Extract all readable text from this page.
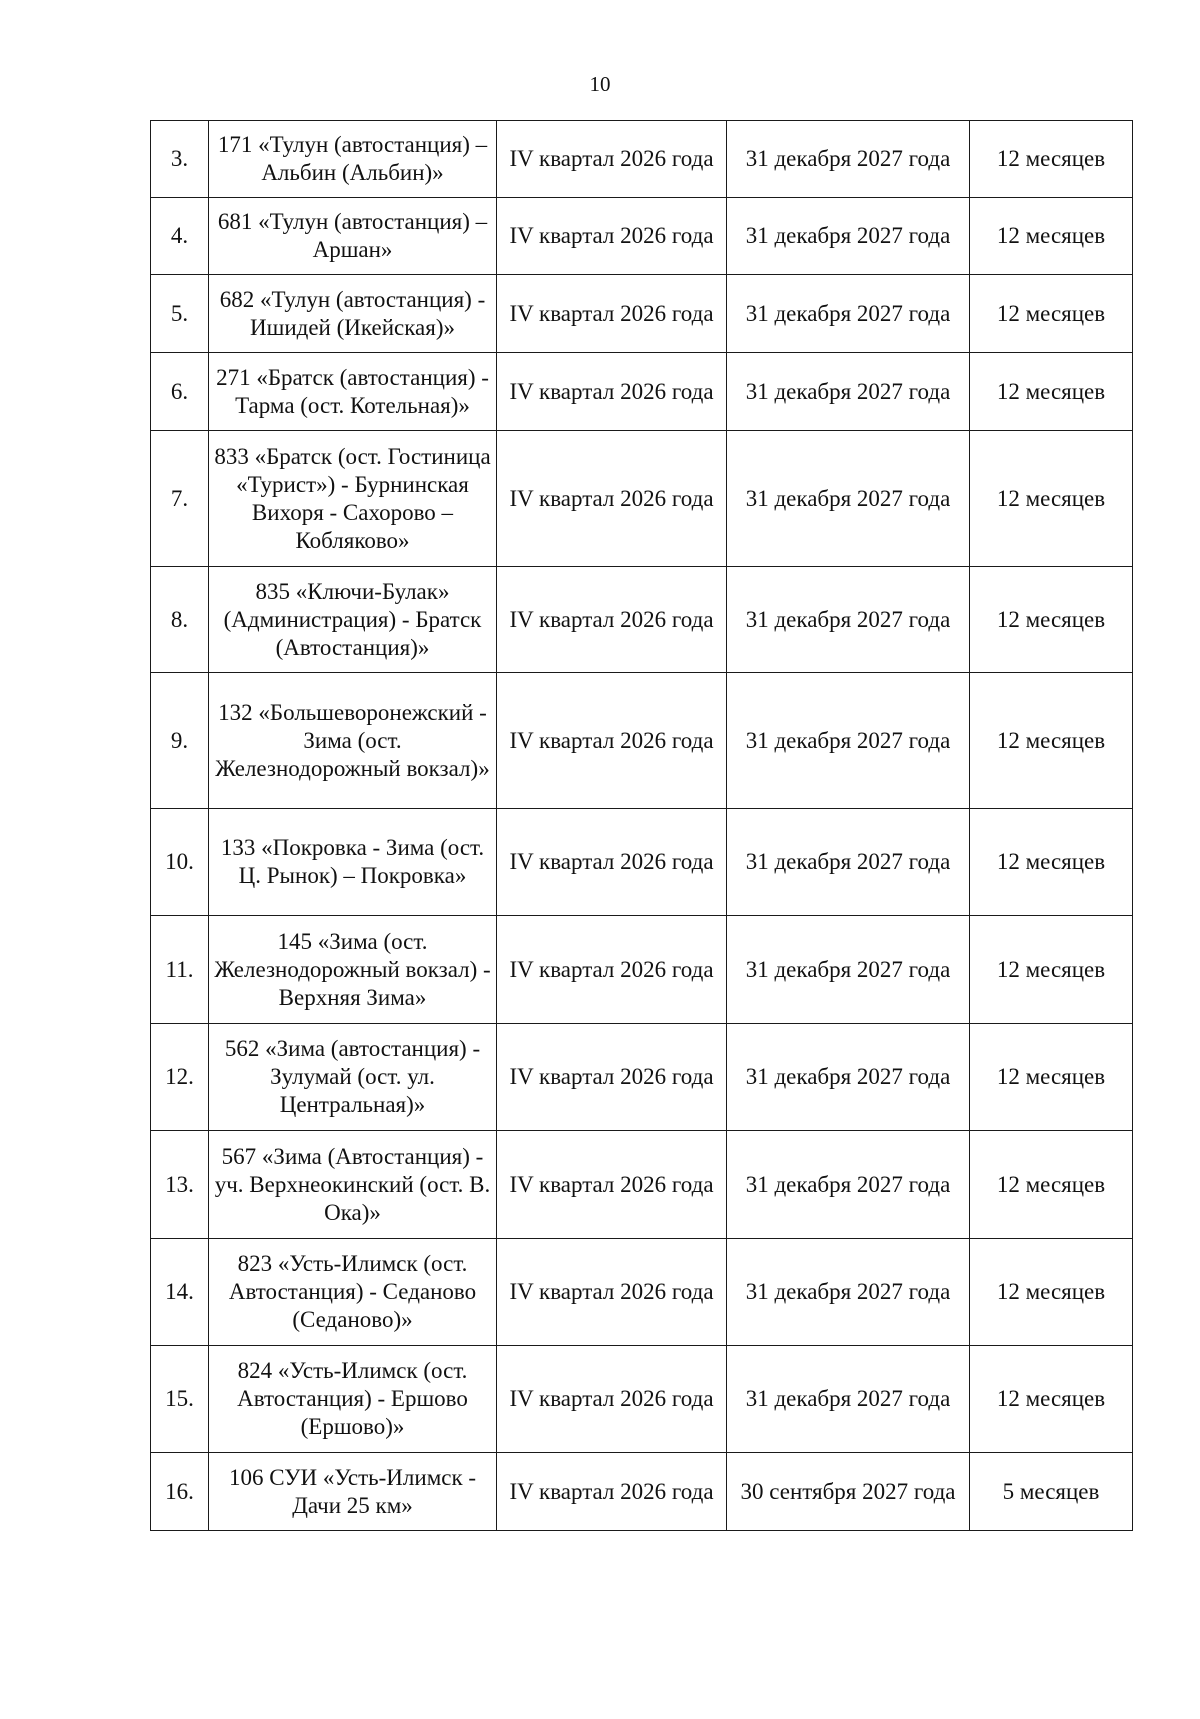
10
3.	171 «Тулун (автостанция) – Альбин (Альбин)»	IV квартал 2026 года	31 декабря 2027 года	12 месяцев
4.	681 «Тулун (автостанция) – Аршан»	IV квартал 2026 года	31 декабря 2027 года	12 месяцев
5.	682 «Тулун (автостанция) - Ишидей (Икейская)»	IV квартал 2026 года	31 декабря 2027 года	12 месяцев
6.	271 «Братск (автостанция) - Тарма (ост. Котельная)»	IV квартал 2026 года	31 декабря 2027 года	12 месяцев
7.	833 «Братск (ост. Гостиница «Турист») - Бурнинская Вихоря - Сахорово – Кобляково»	IV квартал 2026 года	31 декабря 2027 года	12 месяцев
8.	835 «Ключи-Булак» (Администрация) - Братск (Автостанция)»	IV квартал 2026 года	31 декабря 2027 года	12 месяцев
9.	132 «Большеворонежский - Зима (ост. Железнодорожный вокзал)»	IV квартал 2026 года	31 декабря 2027 года	12 месяцев
10.	133 «Покровка - Зима (ост. Ц. Рынок) – Покровка»	IV квартал 2026 года	31 декабря 2027 года	12 месяцев
11.	145 «Зима (ост. Железнодорожный вокзал) - Верхняя Зима»	IV квартал 2026 года	31 декабря 2027 года	12 месяцев
12.	562 «Зима (автостанция) - Зулумай (ост. ул. Центральная)»	IV квартал 2026 года	31 декабря 2027 года	12 месяцев
13.	567 «Зима (Автостанция) - уч. Верхнеокинский (ост. В. Ока)»	IV квартал 2026 года	31 декабря 2027 года	12 месяцев
14.	823 «Усть-Илимск (ост. Автостанция) - Седаново (Седаново)»	IV квартал 2026 года	31 декабря 2027 года	12 месяцев
15.	824 «Усть-Илимск (ост. Автостанция) - Ершово (Ершово)»	IV квартал 2026 года	31 декабря 2027 года	12 месяцев
16.	106 СУИ «Усть-Илимск - Дачи 25 км»	IV квартал 2026 года	30 сентября 2027 года	5 месяцев
